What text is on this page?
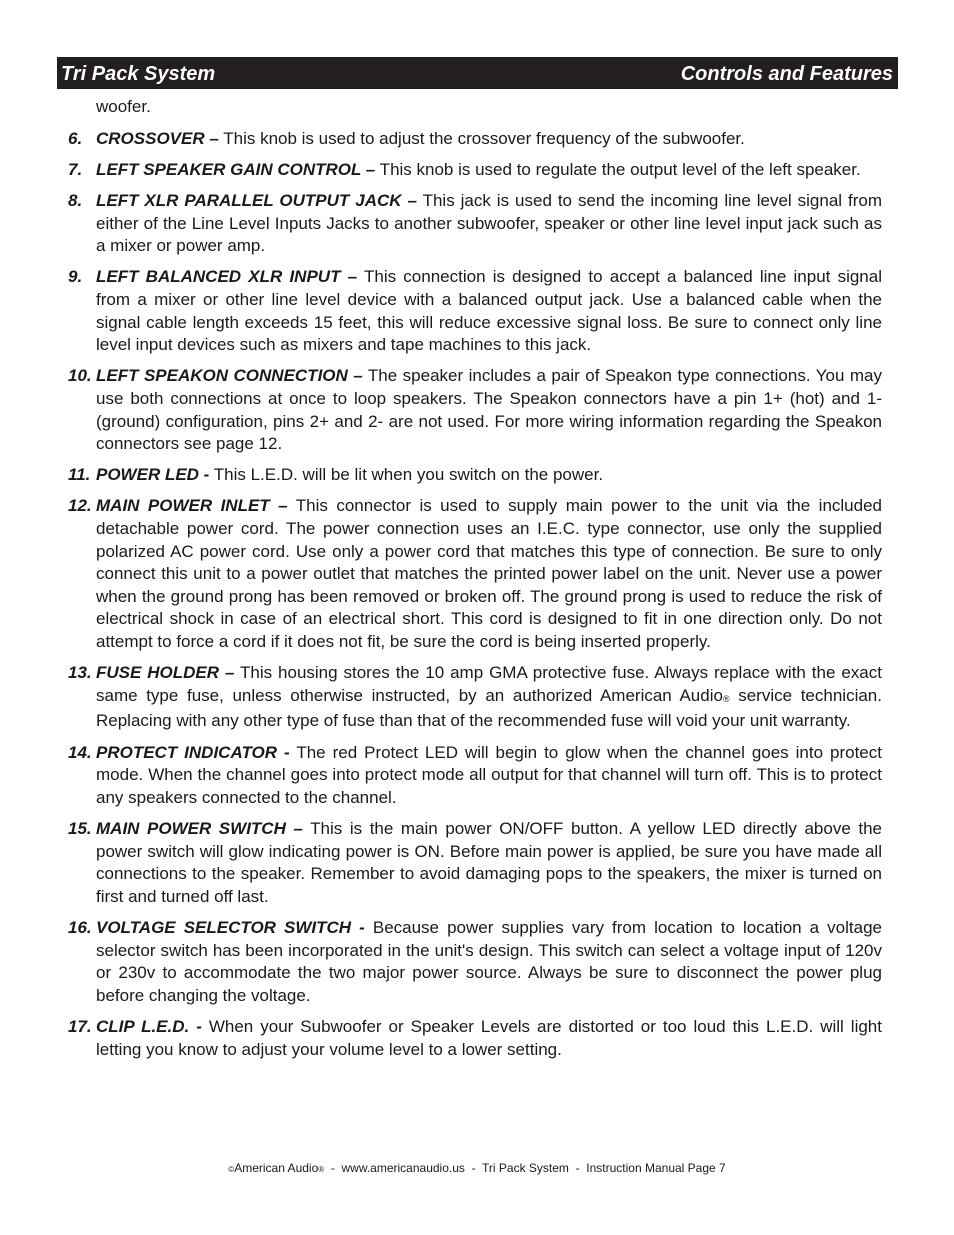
Tri Pack System	Controls and Features

woofer.

6. CROSSOVER – This knob is used to adjust the crossover frequency of the subwoofer.
7. LEFT SPEAKER GAIN CONTROL – This knob is used to regulate the output level of the left speaker.
8. LEFT XLR PARALLEL OUTPUT JACK – This jack is used to send the incoming line level signal from either of the Line Level Inputs Jacks to another subwoofer, speaker or other line level input jack such as a mixer or power amp.
9. LEFT BALANCED XLR INPUT – This connection is designed to accept a balanced line input signal from a mixer or other line level device with a balanced output jack. Use a balanced cable when the signal cable length exceeds 15 feet, this will reduce excessive signal loss. Be sure to connect only line level input devices such as mixers and tape machines to this jack.
10. LEFT SPEAKON CONNECTION – The speaker includes a pair of Speakon type connections. You may use both connections at once to loop speakers. The Speakon connectors have a pin 1+ (hot) and 1- (ground) configuration, pins 2+ and 2- are not used. For more wiring information regarding the Speakon connectors see page 12.
11. POWER LED - This L.E.D. will be lit when you switch on the power.
12. MAIN POWER INLET – This connector is used to supply main power to the unit via the included detachable power cord. The power connection uses an I.E.C. type connector, use only the supplied polarized AC power cord. Use only a power cord that matches this type of connection. Be sure to only connect this unit to a power outlet that matches the printed power label on the unit. Never use a power when the ground prong has been removed or broken off. The ground prong is used to reduce the risk of electrical shock in case of an electrical short. This cord is designed to fit in one direction only. Do not attempt to force a cord if it does not fit, be sure the cord is being inserted properly.
13. FUSE HOLDER – This housing stores the 10 amp GMA protective fuse. Always replace with the exact same type fuse, unless otherwise instructed, by an authorized American Audio® service technician. Replacing with any other type of fuse than that of the recommended fuse will void your unit warranty.
14. PROTECT INDICATOR - The red Protect LED will begin to glow when the channel goes into protect mode. When the channel goes into protect mode all output for that channel will turn off. This is to protect any speakers connected to the channel.
15. MAIN POWER SWITCH – This is the main power ON/OFF button. A yellow LED directly above the power switch will glow indicating power is ON. Before main power is applied, be sure you have made all connections to the speaker. Remember to avoid damaging pops to the speakers, the mixer is turned on first and turned off last.
16. VOLTAGE SELECTOR SWITCH - Because power supplies vary from location to location a voltage selector switch has been incorporated in the unit's design. This switch can select a voltage input of 120v or 230v to accommodate the two major power source. Always be sure to disconnect the power plug before changing the voltage.
17. CLIP L.E.D. - When your Subwoofer or Speaker Levels are distorted or too loud this L.E.D. will light letting you know to adjust your volume level to a lower setting.
©American Audio®  -  www.americanaudio.us  -  Tri Pack System  -  Instruction Manual Page 7
